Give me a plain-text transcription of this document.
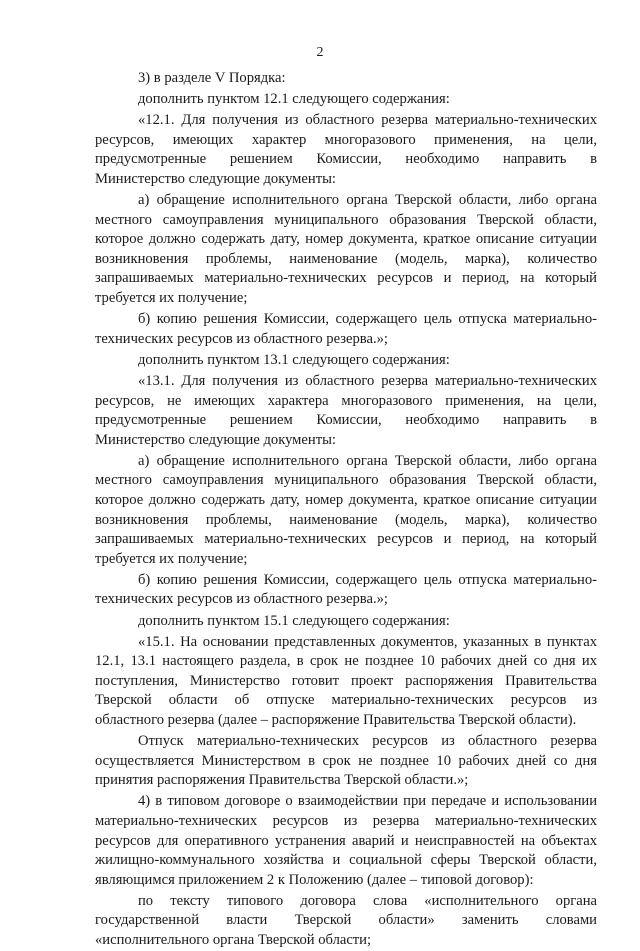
2
3) в разделе V Порядка:
дополнить пунктом 12.1 следующего содержания:
«12.1. Для получения из областного резерва материально-технических
ресурсов, имеющих характер многоразового применения, на цели,
предусмотренные решением Комиссии, необходимо направить в
Министерство следующие документы:
а) обращение исполнительного органа Тверской области, либо органа
местного самоуправления муниципального образования Тверской области,
которое должно содержать дату, номер документа, краткое описание ситуации
возникновения проблемы, наименование (модель, марка), количество
запрашиваемых материально-технических ресурсов и период, на который
требуется их получение;
б) копию решения Комиссии, содержащего цель отпуска материально-
технических ресурсов из областного резерва.»;
дополнить пунктом 13.1 следующего содержания:
«13.1. Для получения из областного резерва материально-технических
ресурсов, не имеющих характера многоразового применения, на цели,
предусмотренные решением Комиссии, необходимо направить в
Министерство следующие документы:
а) обращение исполнительного органа Тверской области, либо органа
местного самоуправления муниципального образования Тверской области,
которое должно содержать дату, номер документа, краткое описание ситуации
возникновения проблемы, наименование (модель, марка), количество
запрашиваемых материально-технических ресурсов и период, на который
требуется их получение;
б) копию решения Комиссии, содержащего цель отпуска материально-
технических ресурсов из областного резерва.»;
дополнить пунктом 15.1 следующего содержания:
«15.1. На основании представленных документов, указанных в пунктах
12.1, 13.1 настоящего раздела, в срок не позднее 10 рабочих дней со дня их
поступления, Министерство готовит проект распоряжения Правительства
Тверской области об отпуске материально-технических ресурсов из
областного резерва (далее – распоряжение Правительства Тверской области).
Отпуск материально-технических ресурсов из областного резерва
осуществляется Министерством в срок не позднее 10 рабочих дней со дня
принятия распоряжения Правительства Тверской области.»;
4) в типовом договоре о взаимодействии при передаче и использовании
материально-технических ресурсов из резерва материально-технических
ресурсов для оперативного устранения аварий и неисправностей на объектах
жилищно-коммунального хозяйства и социальной сферы Тверской области,
являющимся приложением 2 к Положению (далее – типовой договор):
по тексту типового договора слова «исполнительного органа
государственной власти Тверской области» заменить словами
«исполнительного органа Тверской области;
